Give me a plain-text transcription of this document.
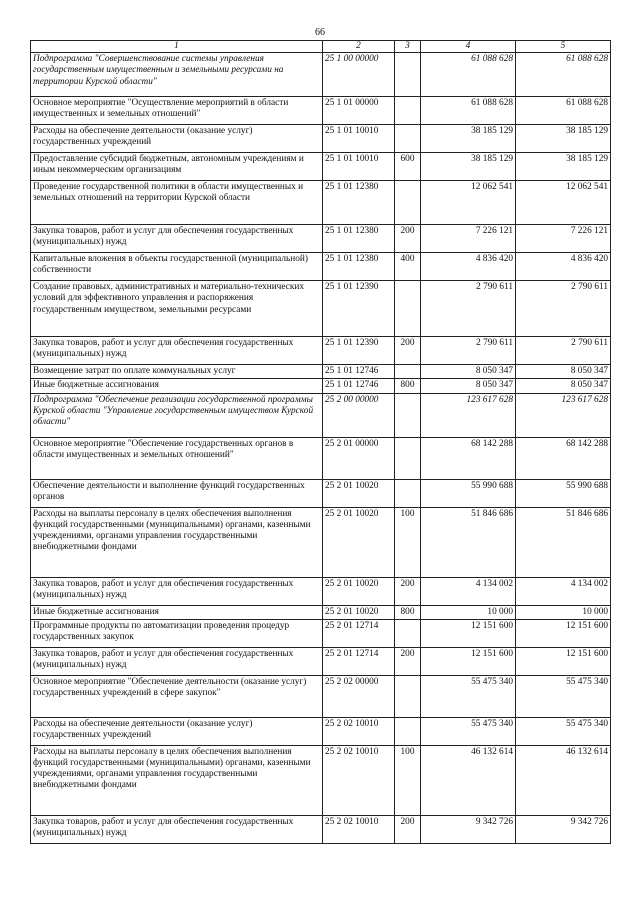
66
1	2	3	4	5
Подпрограмма "Совершенствование системы управления государственным имущественным и земельными ресурсами на территории Курской области"	25 1 00 00000		61 088 628	61 088 628
Основное мероприятие "Осуществление мероприятий в области имущественных и земельных отношений"	25 1 01 00000		61 088 628	61 088 628
Расходы на обеспечение деятельности (оказание услуг) государственных учреждений	25 1 01 10010		38 185 129	38 185 129
Предоставление субсидий бюджетным, автономным учреждениям и иным некоммерческим организациям	25 1 01 10010	600	38 185 129	38 185 129
Проведение государственной политики в области имущественных и земельных отношений на территории Курской области	25 1 01 12380		12 062 541	12 062 541
Закупка товаров, работ и услуг для обеспечения государственных (муниципальных) нужд	25 1 01 12380	200	7 226 121	7 226 121
Капитальные вложения в объекты государственной (муниципальной) собственности	25 1 01 12380	400	4 836 420	4 836 420
Создание правовых, административных и материально-технических условий для эффективного управления и распоряжения государственным имуществом, земельными ресурсами	25 1 01 12390		2 790 611	2 790 611
Закупка товаров, работ и услуг для обеспечения государственных (муниципальных) нужд	25 1 01 12390	200	2 790 611	2 790 611
Возмещение затрат по оплате коммунальных услуг	25 1 01 12746		8 050 347	8 050 347
Иные бюджетные ассигнования	25 1 01 12746	800	8 050 347	8 050 347
Подпрограмма "Обеспечение реализации государственной программы Курской области "Управление государственным имуществом Курской области"	25 2 00 00000		123 617 628	123 617 628
Основное мероприятие "Обеспечение государственных органов в области имущественных и земельных отношений"	25 2 01 00000		68 142 288	68 142 288
Обеспечение деятельности и выполнение функций государственных органов	25 2 01 10020		55 990 688	55 990 688
Расходы на выплаты персоналу в целях обеспечения выполнения функций государственными (муниципальными) органами, казенными учреждениями, органами управления государственными внебюджетными фондами	25 2 01 10020	100	51 846 686	51 846 686
Закупка товаров, работ и услуг для обеспечения государственных (муниципальных) нужд	25 2 01 10020	200	4 134 002	4 134 002
Иные бюджетные ассигнования	25 2 01 10020	800	10 000	10 000
Программные продукты по автоматизации проведения процедур государственных закупок	25 2 01 12714		12 151 600	12 151 600
Закупка товаров, работ и услуг для обеспечения государственных (муниципальных) нужд	25 2 01 12714	200	12 151 600	12 151 600
Основное мероприятие "Обеспечение деятельности (оказание услуг) государственных учреждений в сфере закупок"	25 2 02 00000		55 475 340	55 475 340
Расходы на обеспечение деятельности (оказание услуг) государственных учреждений	25 2 02 10010		55 475 340	55 475 340
Расходы на выплаты персоналу в целях обеспечения выполнения функций государственными (муниципальными) органами, казенными учреждениями, органами управления государственными внебюджетными фондами	25 2 02 10010	100	46 132 614	46 132 614
Закупка товаров, работ и услуг для обеспечения государственных (муниципальных) нужд	25 2 02 10010	200	9 342 726	9 342 726
